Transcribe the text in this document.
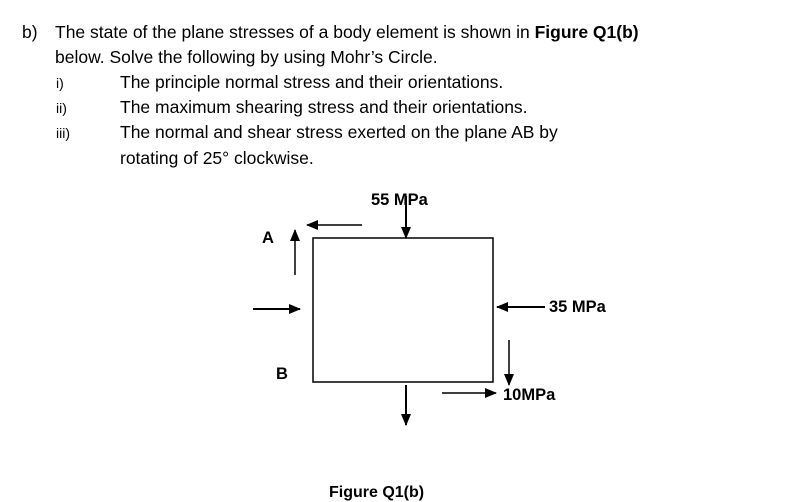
b) The state of the plane stresses of a body element is shown in Figure Q1(b)
below. Solve the following by using Mohr’s Circle.
i)	The principle normal stress and their orientations.
ii)	The maximum shearing stress and their orientations.
iii)	The normal and shear stress exerted on the plane AB by
rotating of 25° clockwise.
55 MPa
35 MPa
10MPa
A
B
Figure Q1(b)
